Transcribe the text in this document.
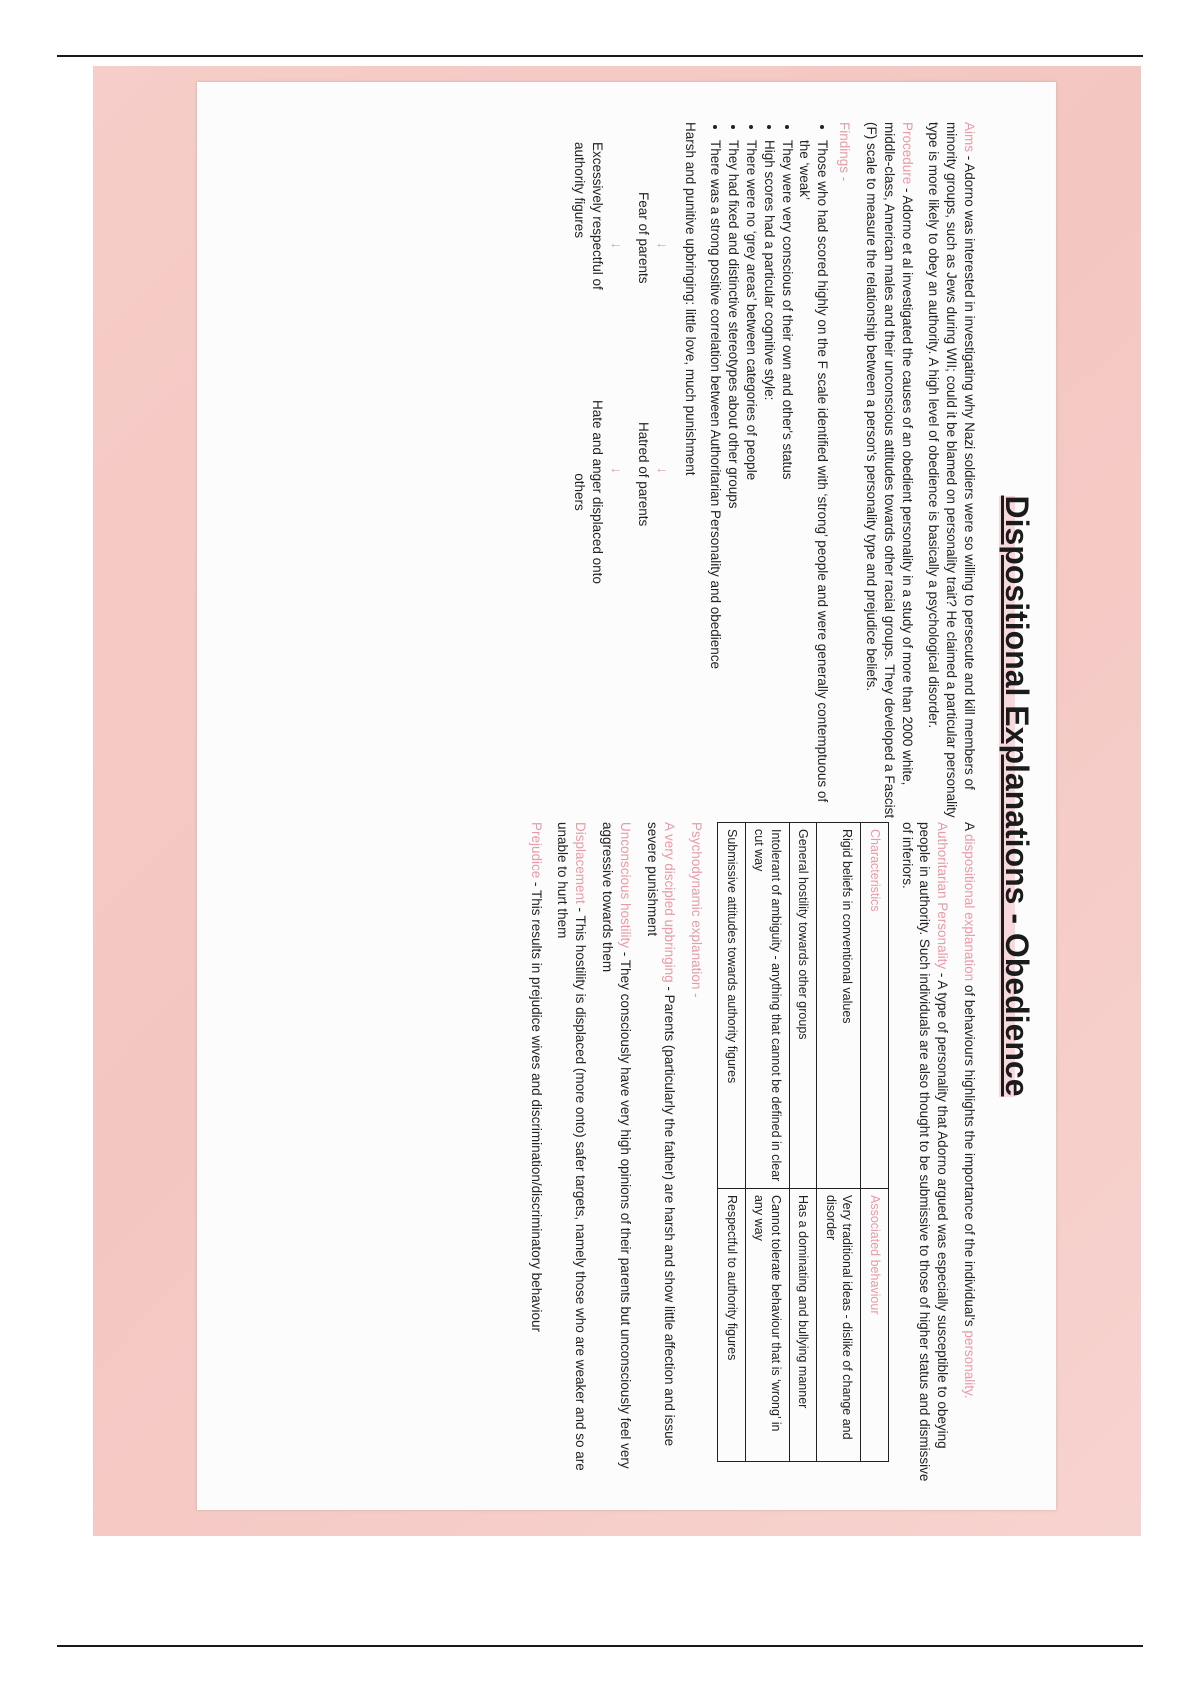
Dispositional Explanations - Obedience

Aims - Adorno was interested in investigating why Nazi soldiers were so willing to persecute and kill members of minority groups, such as Jews during WII; could it be blamed on personality trait? He claimed a particular personality type is more likely to obey an authority. A high level of obedience is basically a psychological disorder.

Procedure - Adorno et al investigated the causes of an obedient personality in a study of more than 2000 white, middle-class, American males and their unconscious attitudes towards other racial groups. They developed a Fascist (F) scale to measure the relationship between a person's personality type and prejudice beliefs.

Findings -
• Those who had scored highly on the F scale identified with ‘strong’ people and were generally contemptuous of the ‘weak’
• They were very conscious of their own and other's status
• High scores had a particular cognitive style:
• There were no ‘grey areas’ between categories of people
• They had fixed and distinctive stereotypes about other groups
• There was a strong positive correlation between Authoritarian Personality and obedience

Harsh and punitive upbringing: little love, much punishment

↓
↓
Fear of parents
Hatred of parents
↓
↓
Excessively respectful of authority figures
Hate and anger displaced onto others

A dispositional explanation of behaviours highlights the importance of the individual's personality.

Authoritarian Personality - A type of personality that Adorno argued was especially susceptible to obeying people in authority. Such individuals are also thought to be submissive to those of higher status and dismissive of inferiors.

Characteristics	Associated behaviour
Rigid beliefs in conventional values	Very traditional ideas - dislike of change and disorder
General hostility towards other groups	Has a dominating and bullying manner
Intolerant of ambiguity - anything that cannot be defined in clear cut way	Cannot tolerate behaviour that is ‘wrong’ in any way
Submissive attitudes towards authority figures	Respectful to authority figures

Psychodynamic explanation -

A very discipled upbringing - Parents (particularly the father) are harsh and show little affection and issue severe punishment

Unconscious hostility - They consciously have very high opinions of their parents but unconsciously feel very aggressive towards them

Displacement - This hostility is displaced (more onto) safer targets, namely those who are weaker and so are unable to hurt them

Prejudice - This results in prejudice wives and discrimination/discriminatory behaviour
